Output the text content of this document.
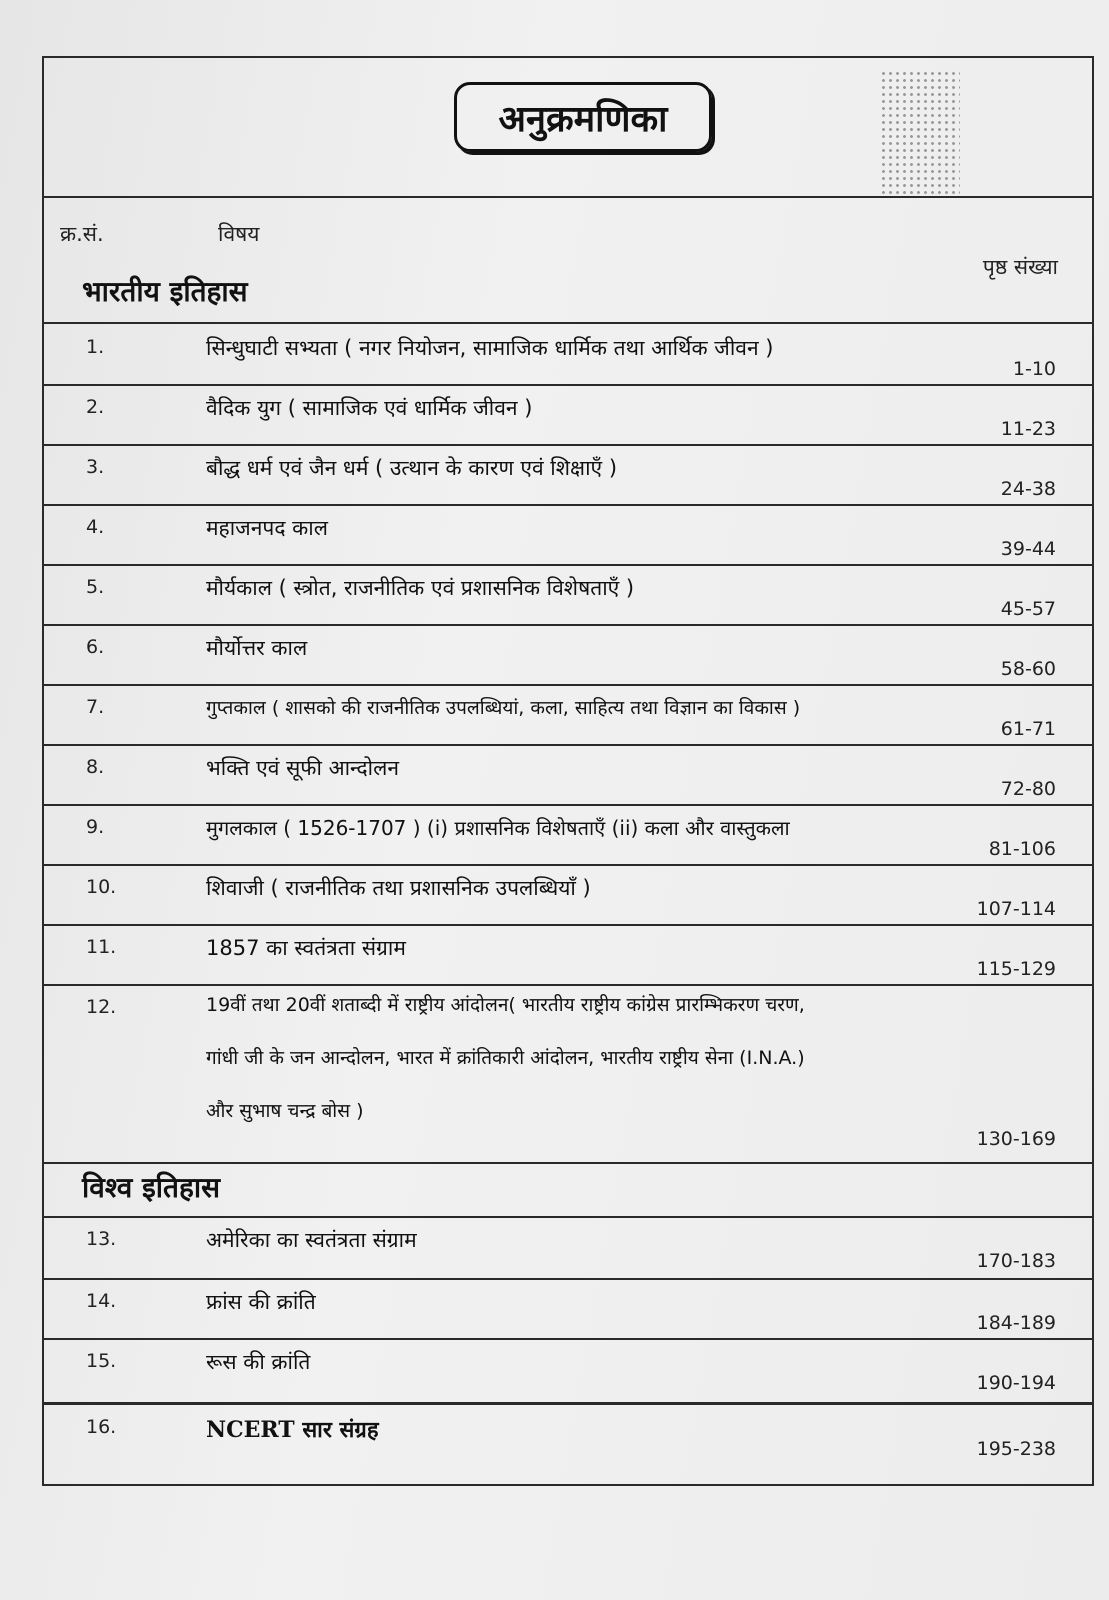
अनुक्रमणिका
क्र.सं.	विषय
पृष्ठ संख्या
भारतीय इतिहास
1.	सिन्धुघाटी सभ्यता ( नगर नियोजन, सामाजिक धार्मिक तथा आर्थिक जीवन )
1-10
2.	वैदिक युग ( सामाजिक एवं धार्मिक जीवन )
11-23
3.	बौद्ध धर्म एवं जैन धर्म ( उत्थान के कारण एवं शिक्षाएँ )
24-38
4.	महाजनपद काल
39-44
5.	मौर्यकाल ( स्त्रोत, राजनीतिक एवं प्रशासनिक विशेषताएँ )
45-57
6.	मौर्योत्तर काल
58-60
7.	गुप्तकाल ( शासको की राजनीतिक उपलब्धियां, कला, साहित्य तथा विज्ञान का विकास )
61-71
8.	भक्ति एवं सूफी आन्दोलन
72-80
9.	मुगलकाल ( 1526-1707 ) (i) प्रशासनिक विशेषताएँ (ii) कला और वास्तुकला
81-106
10.	शिवाजी ( राजनीतिक तथा प्रशासनिक उपलब्धियाँ )
107-114
11.	1857 का स्वतंत्रता संग्राम
115-129
12.	19वीं तथा 20वीं शताब्दी में राष्ट्रीय आंदोलन( भारतीय राष्ट्रीय कांग्रेस प्रारम्भिकरण चरण,
गांधी जी के जन आन्दोलन, भारत में क्रांतिकारी आंदोलन, भारतीय राष्ट्रीय सेना (I.N.A.)
और सुभाष चन्द्र बोस )
130-169
विश्व इतिहास
13.	अमेरिका का स्वतंत्रता संग्राम
170-183
14.	फ्रांस की क्रांति
184-189
15.	रूस की क्रांति
190-194
16.	NCERT सार संग्रह
195-238
